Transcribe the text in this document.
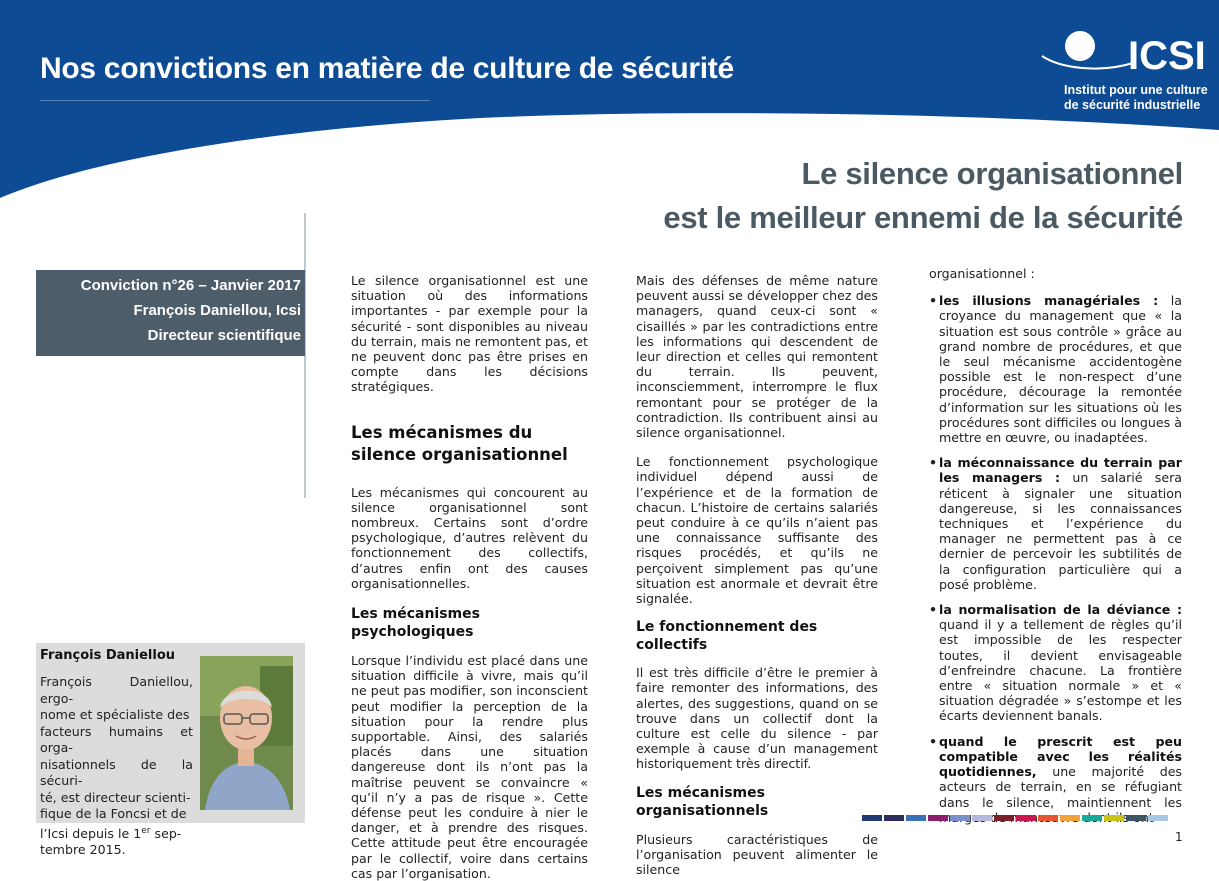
Nos convictions en matière de culture de sécurité	ICSI
Institut pour une culture
de sécurité industrielle
Le silence organisationnel
est le meilleur ennemi de la sécurité
Conviction n°26 – Janvier 2017
François Daniellou, Icsi
Directeur scientifique
François Daniellou
François Daniellou, ergo-
nome et spécialiste des
facteurs humains et orga-
nisationnels de la sécuri-
té, est directeur scienti-
fique de la Foncsi et de
l’Icsi depuis le 1er sep-
tembre 2015.

Le silence organisationnel est une situation où des informations importantes - par exemple pour la sécurité - sont disponibles au niveau du terrain, mais ne remontent pas, et ne peuvent donc pas être prises en compte dans les décisions stratégiques.

Les mécanismes du silence organisationnel

Les mécanismes qui concourent au silence organisationnel sont nombreux. Certains sont d’ordre psychologique, d’autres relèvent du fonctionnement des collectifs, d’autres enfin ont des causes organisationnelles.

Les mécanismes psychologiques

Lorsque l’individu est placé dans une situation difficile à vivre, mais qu’il ne peut pas modifier, son inconscient peut modifier la perception de la situation pour la rendre plus supportable. Ainsi, des salariés placés dans une situation dangereuse dont ils n’ont pas la maîtrise peuvent se convaincre « qu’il n’y a pas de risque ». Cette défense peut les conduire à nier le danger, et à prendre des risques. Cette attitude peut être encouragée par le collectif, voire dans certains cas par l’organisation.

Mais des défenses de même nature peuvent aussi se développer chez des managers, quand ceux-ci sont « cisaillés » par les contradictions entre les informations qui descendent de leur direction et celles qui remontent du terrain. Ils peuvent, inconsciemment, interrompre le flux remontant pour se protéger de la contradiction. Ils contribuent ainsi au silence organisationnel.

Le fonctionnement psychologique individuel dépend aussi de l’expérience et de la formation de chacun. L’histoire de certains salariés peut conduire à ce qu’ils n’aient pas une connaissance suffisante des risques procédés, et qu’ils ne perçoivent simplement pas qu’une situation est anormale et devrait être signalée.

Le fonctionnement des collectifs

Il est très difficile d’être le premier à faire remonter des informations, des alertes, des suggestions, quand on se trouve dans un collectif dont la culture est celle du silence - par exemple à cause d’un management historiquement très directif.

Les mécanismes organisationnels

Plusieurs caractéristiques de l’organisation peuvent alimenter le silence

organisationnel :

• les illusions managériales : la croyance du management que « la situation est sous contrôle » grâce au grand nombre de procédures, et que le seul mécanisme accidentogène possible est le non-respect d’une procédure, décourage la remontée d’information sur les situations où les procédures sont difficiles ou longues à mettre en œuvre, ou inadaptées.

• la méconnaissance du terrain par les managers : un salarié sera réticent à signaler une situation dangereuse, si les connaissances techniques et l’expérience du manager ne permettent pas à ce dernier de percevoir les subtilités de la configuration particulière qui a posé problème.

• la normalisation de la déviance : quand il y a tellement de règles qu’il est impossible de les respecter toutes, il devient envisageable d’enfreindre chacune. La frontière entre « situation normale » et « situation dégradée » s’estompe et les écarts deviennent banals.

• quand le prescrit est peu compatible avec les réalités quotidiennes, une majorité des acteurs de terrain, en se réfugiant dans le silence, maintiennent les

1
